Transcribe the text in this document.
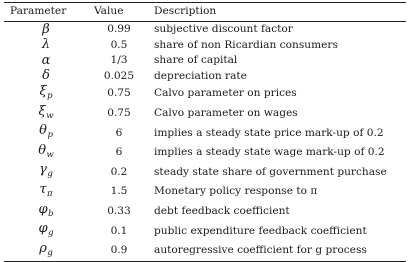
Parameter	Value	Description
β	0.99	subjective discount factor
λ	0.5	share of non Ricardian consumers
α	1/3	share of capital
δ	0.025	depreciation rate
$\xi_p$	0.75	Calvo parameter on prices
$\xi_w$	0.75	Calvo parameter on wages
$\theta_p$	6	implies a steady state price mark-up of 0.2
$\theta_w$	6	implies a steady state wage mark-up of 0.2
$\gamma_g$	0.2	steady state share of government purchase
$\tau_\pi$	1.5	Monetary policy response to π
$\varphi_b$	0.33	debt feedback coefficient
$\varphi_g$	0.1	public expenditure feedback coefficient
$\rho_g$	0.9	autoregressive coefficient for g process
